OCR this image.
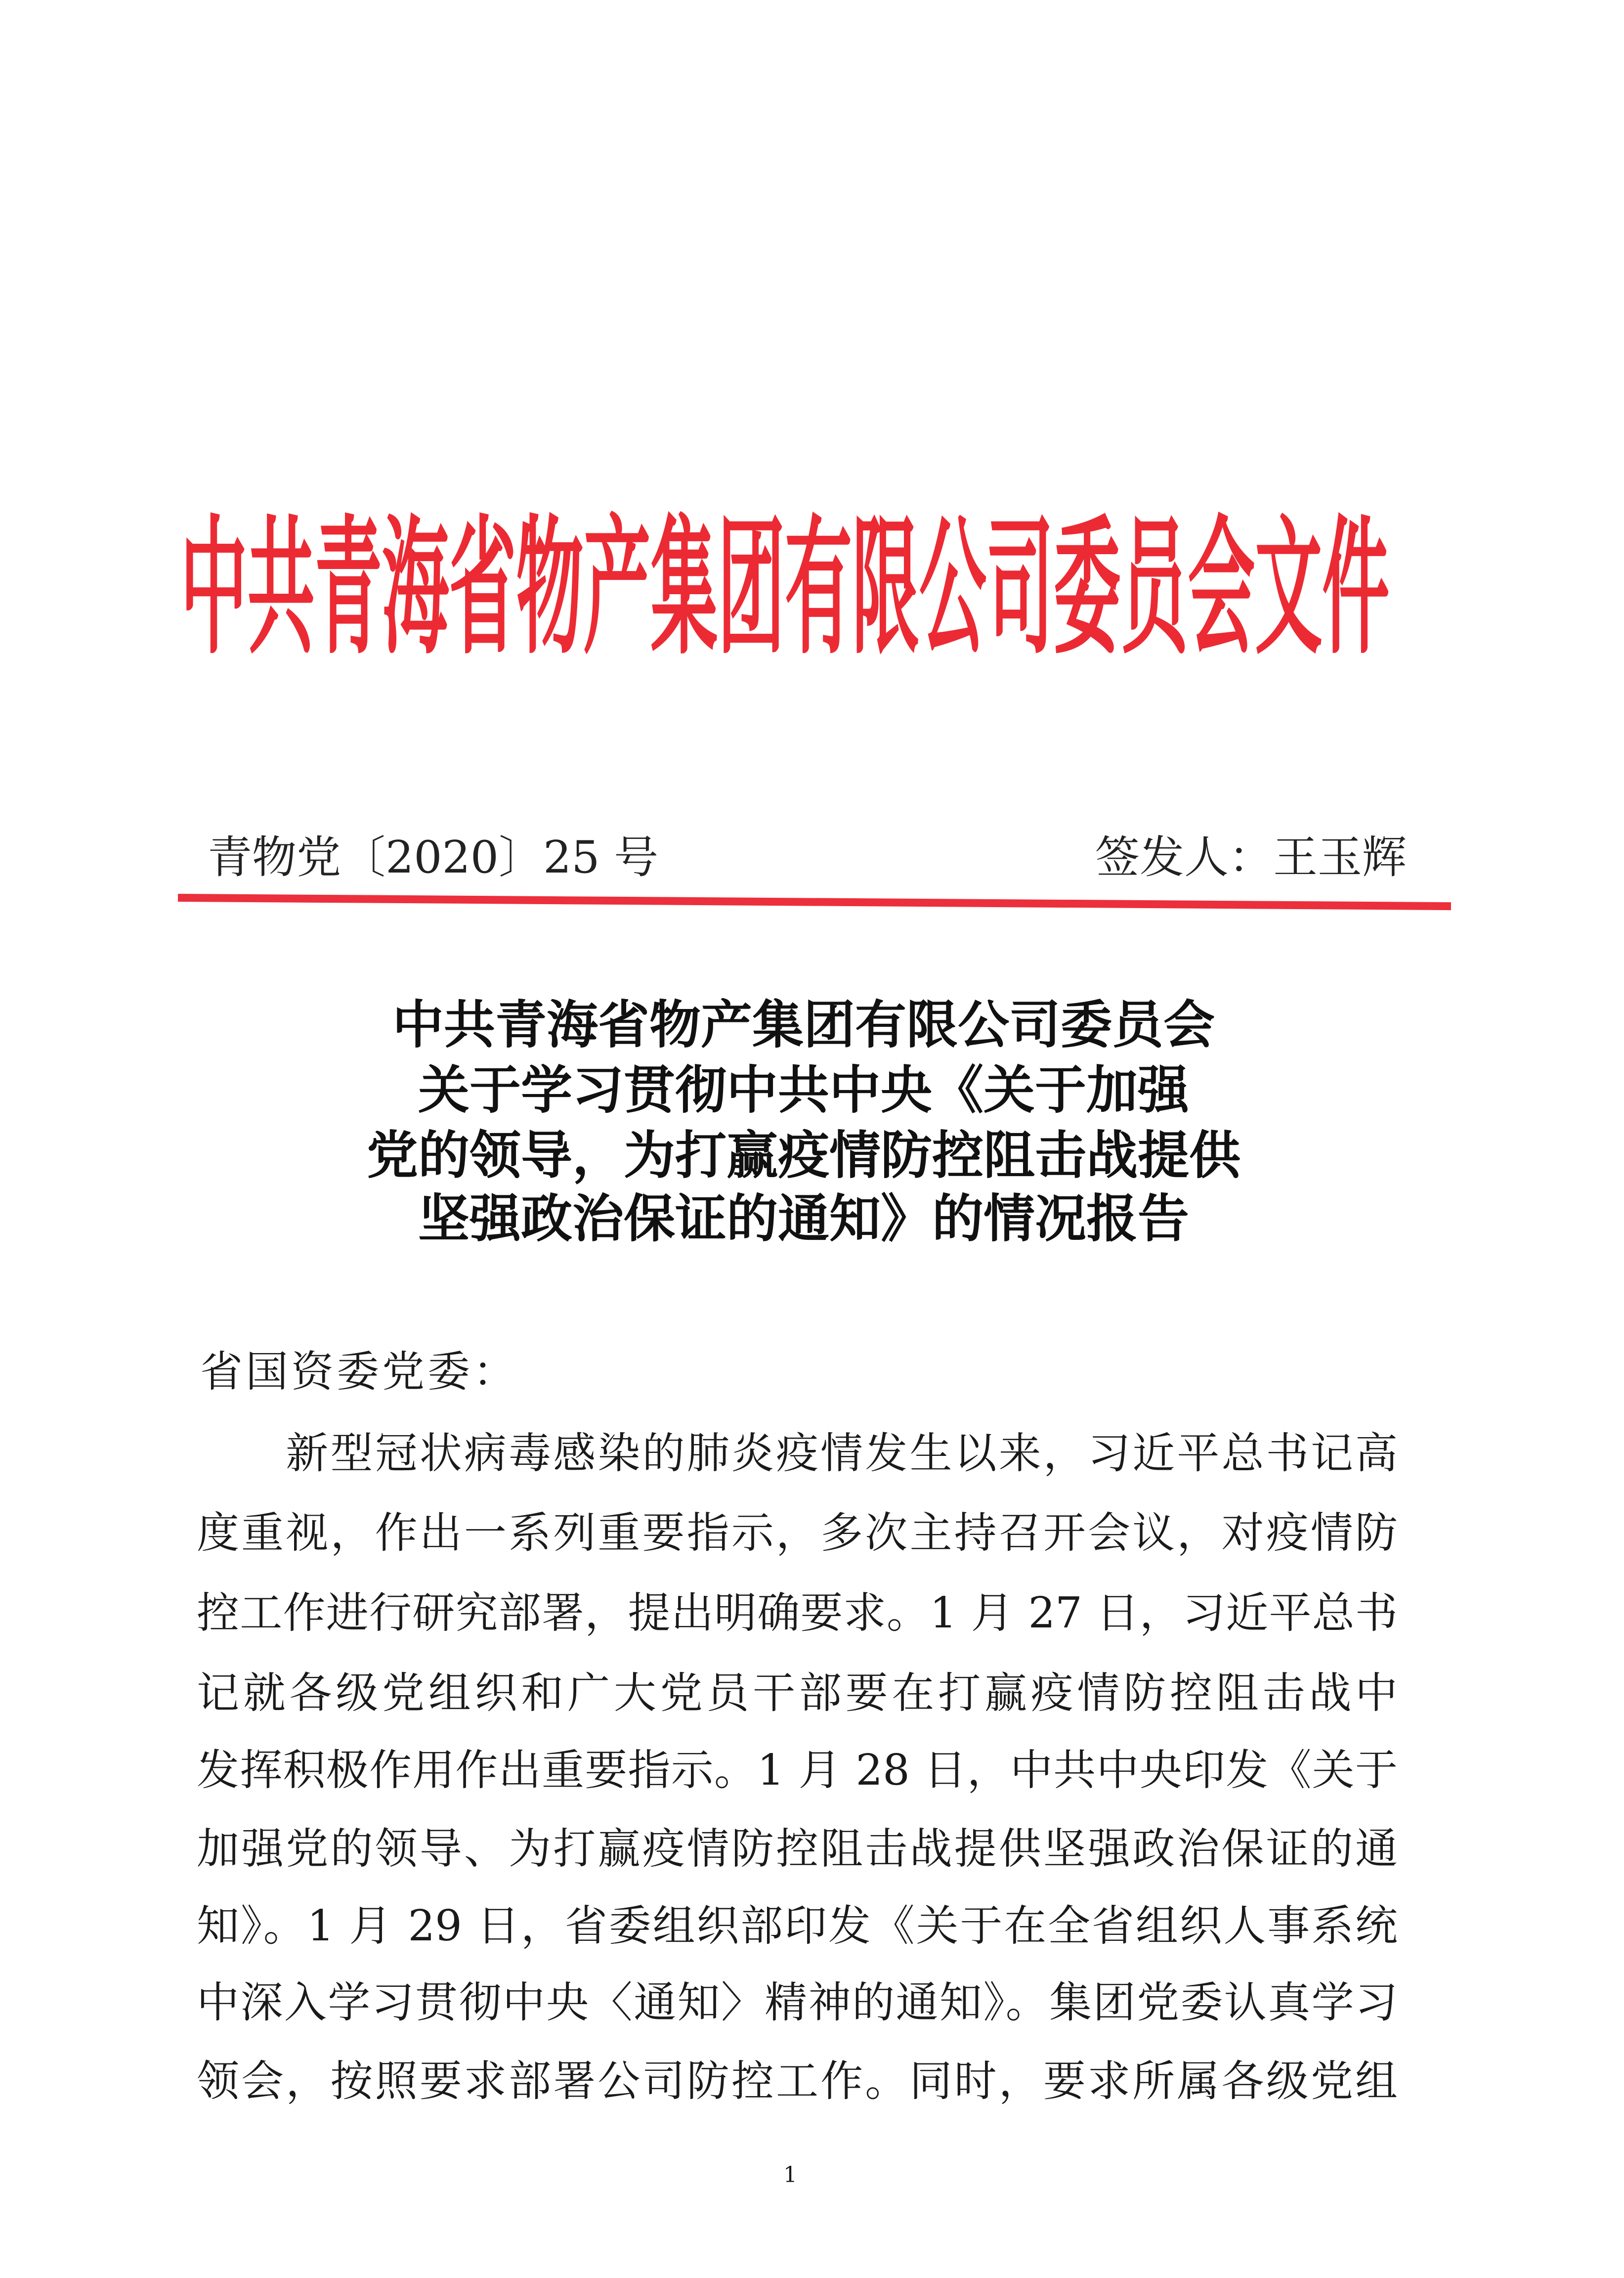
中共青海省物产集团有限公司委员会文件
青物党〔2020〕25 号	签发人：王玉辉
中共青海省物产集团有限公司委员会
关于学习贯彻中共中央《关于加强
党的领导，为打赢疫情防控阻击战提供
坚强政治保证的通知》的情况报告
省国资委党委：
　　新型冠状病毒感染的肺炎疫情发生以来，习近平总书记高
度重视，作出一系列重要指示，多次主持召开会议，对疫情防
控工作进行研究部署，提出明确要求。1 月 27 日，习近平总书
记就各级党组织和广大党员干部要在打赢疫情防控阻击战中
发挥积极作用作出重要指示。1 月 28 日，中共中央印发《关于
加强党的领导、为打赢疫情防控阻击战提供坚强政治保证的通
知》。1 月 29 日，省委组织部印发《关于在全省组织人事系统
中深入学习贯彻中央〈通知〉精神的通知》。集团党委认真学习
领会，按照要求部署公司防控工作。同时，要求所属各级党组
1
